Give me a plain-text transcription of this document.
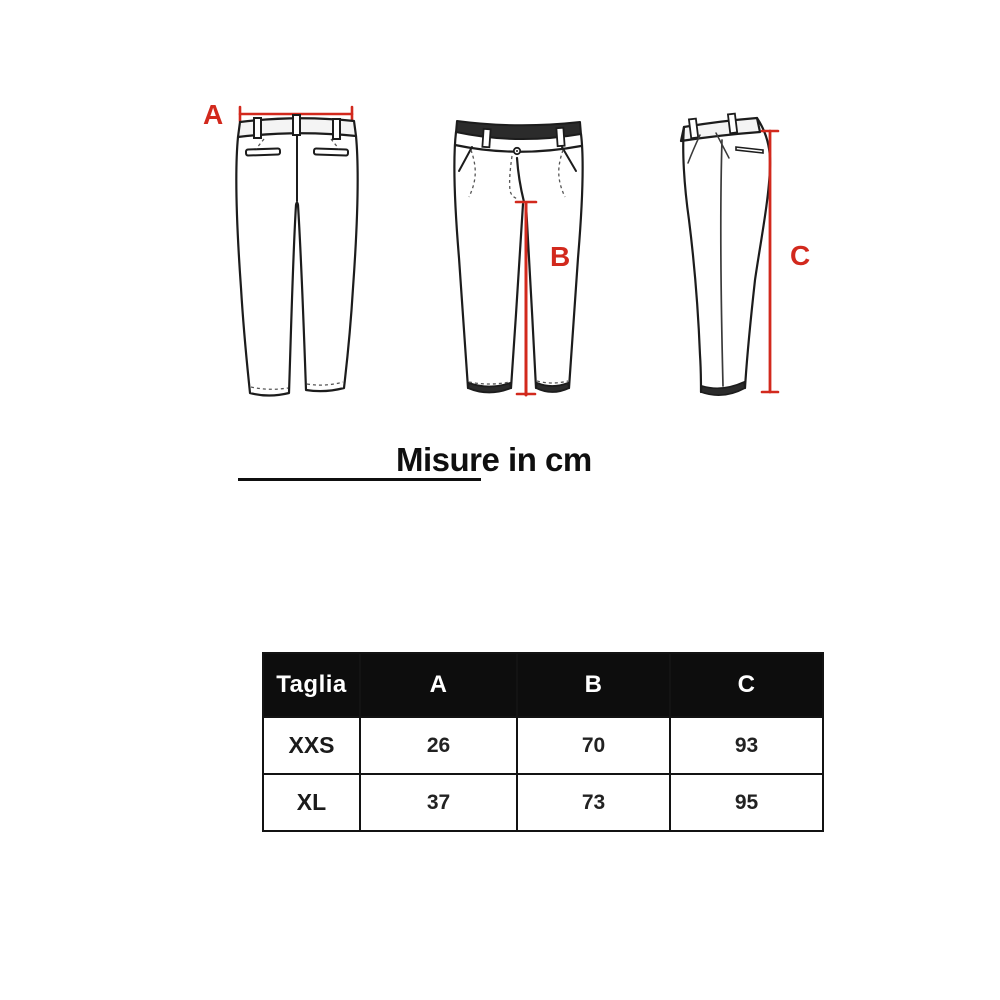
A
B	C
Misure in cm
Taglia	A	B	C
XXS	26	70	93
XL	37	73	95
